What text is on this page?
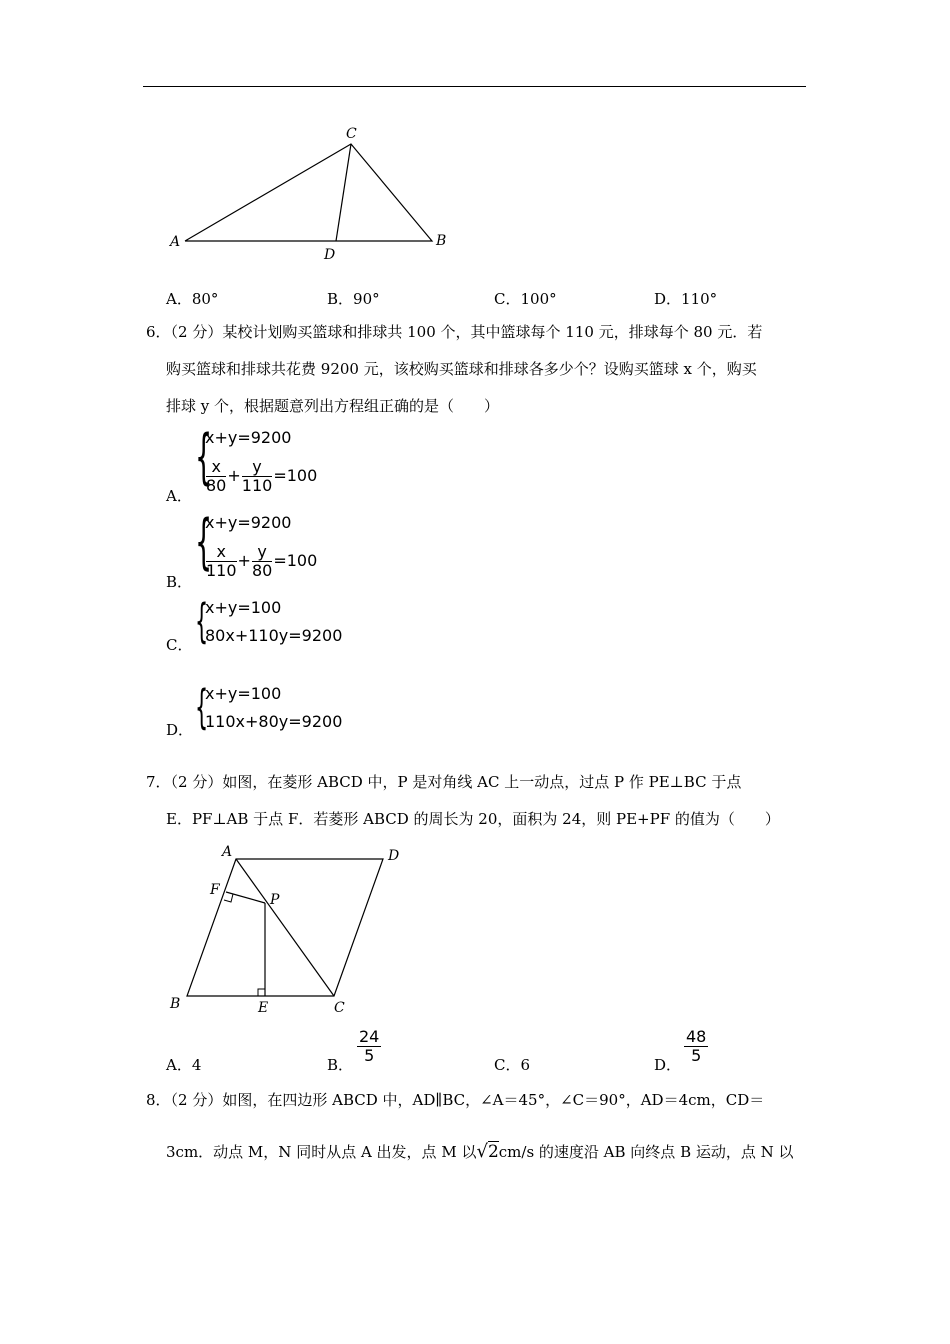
A
C
B
D
A．80°	B．90°	C．100°	D．110°
6．（2 分）某校计划购买篮球和排球共 100 个，其中篮球每个 110 元，排球每个 80 元．若
购买篮球和排球共花费 9200 元，该校购买篮球和排球各多少个？设购买篮球 x 个，购买
排球 y 个，根据题意列出方程组正确的是（　　）
A．
{
x+y=9200
$\frac{x}{80} + \frac{y}{110} =100$
B．
{
x+y=9200
$\frac{x}{110} + \frac{y}{80} =100$
C． {
x+y=100
80x+110y=9200
D． {
x+y=100
110x+80y=9200
7．（2 分）如图，在菱形 ABCD 中，P 是对角线 AC 上一动点，过点 P 作 PE⊥BC 于点
E．PF⊥AB 于点 F．若菱形 ABCD 的周长为 20，面积为 24，则 PE+PF 的值为（　　）
A	D
B	C
E
F
P
A．4	B． $\frac{24}{5}$	C．6	D． $\frac{48}{5}$
8．（2 分）如图，在四边形 ABCD 中，AD∥BC，∠A＝45°，∠C＝90°，AD＝4cm，CD＝
3cm．动点 M，N 同时从点 A 出发，点 M 以√2cm/s 的速度沿 AB 向终点 B 运动，点 N 以
